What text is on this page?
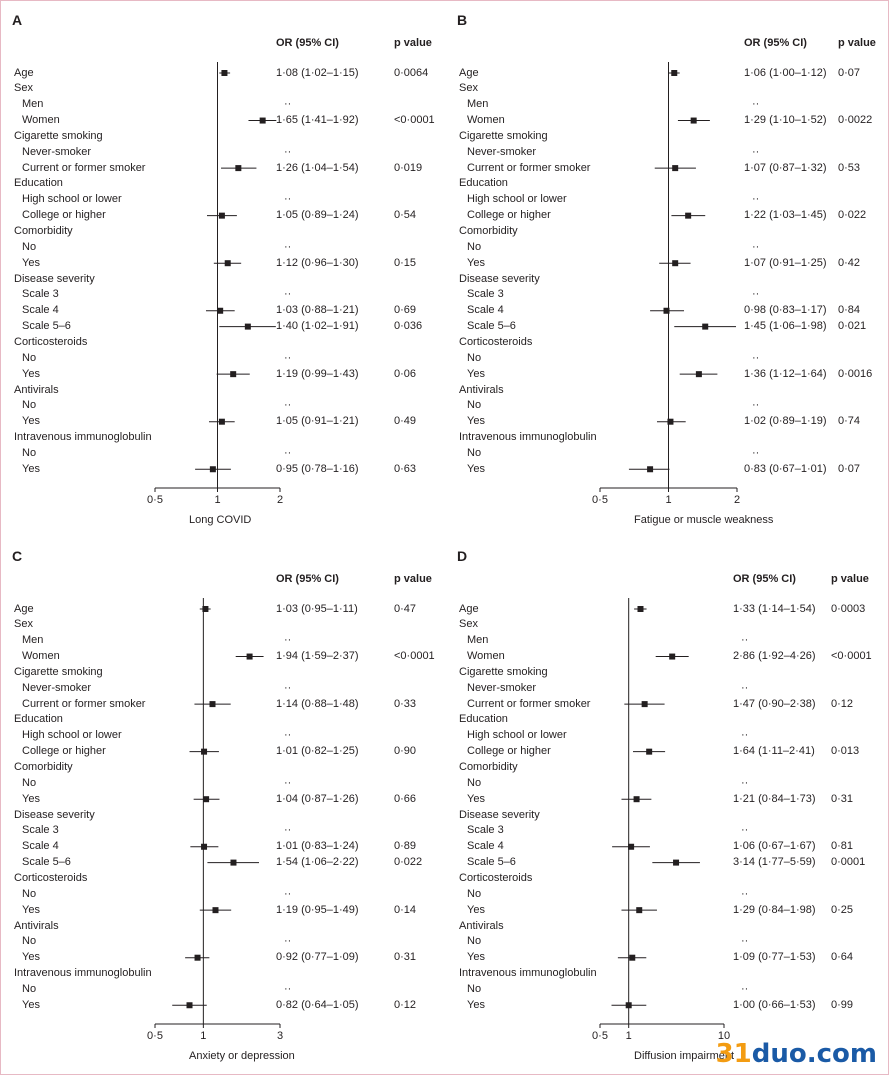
A
OR (95% CI)	p value
0·5	1	2
Long COVID
Age	1·08 (1·02–1·15)	0·0064
Sex
Men	··
Women	1·65 (1·41–1·92)	<0·0001
Cigarette smoking
Never-smoker	··
Current or former smoker	1·26 (1·04–1·54)	0·019
Education
High school or lower	··
College or higher	1·05 (0·89–1·24)	0·54
Comorbidity
No	··
Yes	1·12 (0·96–1·30)	0·15
Disease severity
Scale 3	··
Scale 4	1·03 (0·88–1·21)	0·69
Scale 5–6	1·40 (1·02–1·91)	0·036
Corticosteroids
No	··
Yes	1·19 (0·99–1·43)	0·06
Antivirals
No	··
Yes	1·05 (0·91–1·21)	0·49
Intravenous immunoglobulin
No	··
Yes	0·95 (0·78–1·16)	0·63
B
OR (95% CI)	p value
0·5	1	2
Fatigue or muscle weakness
Age	1·06 (1·00–1·12) 0·07
Sex
Men	··
Women	1·29 (1·10–1·52) 0·0022
Cigarette smoking
Never-smoker	··
Current or former smoker	1·07 (0·87–1·32) 0·53
Education
High school or lower	··
College or higher	1·22 (1·03–1·45) 0·022
Comorbidity
No	··
Yes	1·07 (0·91–1·25) 0·42
Disease severity
Scale 3	··
Scale 4	0·98 (0·83–1·17) 0·84
Scale 5–6	1·45 (1·06–1·98) 0·021
Corticosteroids
No	··
Yes	1·36 (1·12–1·64) 0·0016
Antivirals
No	··
Yes	1·02 (0·89–1·19) 0·74
Intravenous immunoglobulin
No	··
Yes	0·83 (0·67–1·01) 0·07
C
OR (95% CI)	p value
0·5	1	3
Anxiety or depression
Age	1·03 (0·95–1·11)	0·47
Sex
Men	··
Women	1·94 (1·59–2·37)	<0·0001
Cigarette smoking
Never-smoker	··
Current or former smoker	1·14 (0·88–1·48)	0·33
Education
High school or lower	··
College or higher	1·01 (0·82–1·25)	0·90
Comorbidity
No	··
Yes	1·04 (0·87–1·26)	0·66
Disease severity
Scale 3	··
Scale 4	1·01 (0·83–1·24)	0·89
Scale 5–6	1·54 (1·06–2·22)	0·022
Corticosteroids
No	··
Yes	1·19 (0·95–1·49)	0·14
Antivirals
No	··
Yes	0·92 (0·77–1·09)	0·31
Intravenous immunoglobulin
No	··
Yes	0·82 (0·64–1·05)	0·12
D
OR (95% CI)	p value
0·5 1	10
Diffusion impairment
Age	1·33 (1·14–1·54) 0·0003
Sex
Men	··
Women	2·86 (1·92–4·26) <0·0001
Cigarette smoking
Never-smoker	··
Current or former smoker	1·47 (0·90–2·38) 0·12
Education
High school or lower	··
College or higher	1·64 (1·11–2·41) 0·013
Comorbidity
No	··
Yes	1·21 (0·84–1·73) 0·31
Disease severity
Scale 3	··
Scale 4	1·06 (0·67–1·67) 0·81
Scale 5–6	3·14 (1·77–5·59) 0·0001
Corticosteroids
No	··
Yes	1·29 (0·84–1·98) 0·25
Antivirals
No	··
Yes	1·09 (0·77–1·53) 0·64
Intravenous immunoglobulin
No	··
Yes	1·00 (0·66–1·53) 0·99
31duo.com
